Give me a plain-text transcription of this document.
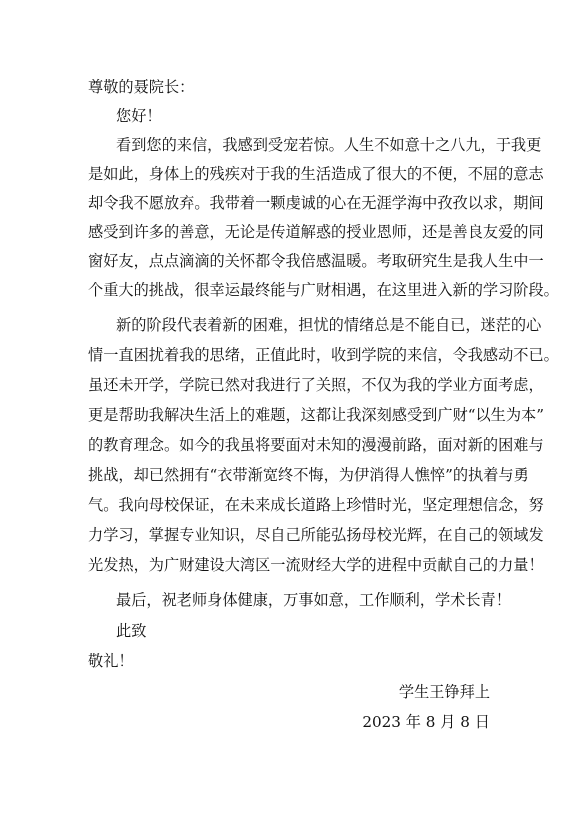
尊敬的聂院长：
您好！
看到您的来信，我感到受宠若惊。人生不如意十之八九，于我更
是如此，身体上的残疾对于我的生活造成了很大的不便，不屈的意志
却令我不愿放弃。我带着一颗虔诚的心在无涯学海中孜孜以求，期间
感受到许多的善意，无论是传道解惑的授业恩师，还是善良友爱的同
窗好友，点点滴滴的关怀都令我倍感温暖。考取研究生是我人生中一
个重大的挑战，很幸运最终能与广财相遇，在这里进入新的学习阶段。
新的阶段代表着新的困难，担忧的情绪总是不能自已，迷茫的心
情一直困扰着我的思绪，正值此时，收到学院的来信，令我感动不已。
虽还未开学，学院已然对我进行了关照，不仅为我的学业方面考虑，
更是帮助我解决生活上的难题，这都让我深刻感受到广财“以生为本”
的教育理念。如今的我虽将要面对未知的漫漫前路，面对新的困难与
挑战，却已然拥有“衣带渐宽终不悔，为伊消得人憔悴”的执着与勇
气。我向母校保证，在未来成长道路上珍惜时光，坚定理想信念，努
力学习，掌握专业知识，尽自己所能弘扬母校光辉，在自己的领域发
光发热，为广财建设大湾区一流财经大学的进程中贡献自己的力量！
最后，祝老师身体健康，万事如意，工作顺利，学术长青！
此致
敬礼！
学生王铮拜上
2023 年 8 月 8 日
